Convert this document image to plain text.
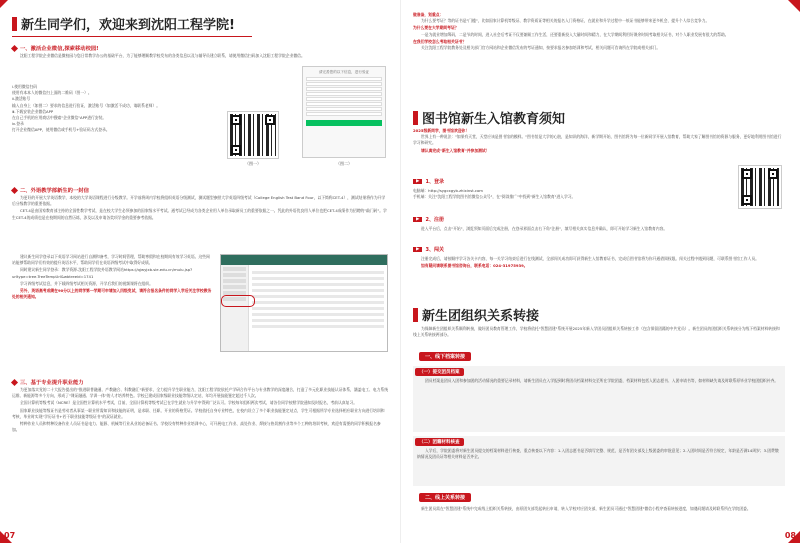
新生同学们，欢迎来到沈阳工程学院!
一、激活企业微信,探索移动校园!

沈阳工程学院企业微信是微校园与您日常教学办公的基础平台，为了能够理顺教学校发布的各类信息以及与辅导员建立联系，请使用微信扫码加入沈阳工程学院企业微信。

ⅰ.使用微信扫码
使用有本本人的微信扫上面的二维码（图一）。
ⅱ.激活账号
输入自身上（如图二）要求的信息进行验证，激活账号（如激活不成功，请联系老师）。
ⅲ.下载安装企业微信APP
在自己手机的应用商店中搜索"企业微信"APP进行安装。
ⅳ.登录
打开企业微信APP，使用微信或手机号+验证码方式登录。
（图一）
请完善您的以下信息，进行验证
（图二）
二、外语教学部新生的一封信

为更好的开展大学英语教学，本校的大学英语课程进行分级教学。开学前将周内学校将组织英语分级测试，测试题型参照大学英语四级考试（College English Test Band Four，以下简称CET-4），测试结果将作为开学后分级教学的重要依据。

CET-4是由国家教育部主持的全国性教学考试，是在校大学生必须参加的国家级水平考试。通考试已经成为各类企业用人单位录取新员工的重要依据之一。凭此的外语优良用人单位也把CET-4成绩作为招聘的"敲门砖"。学生CET-4的成绩也是在校期间的自然历练，涉及以及申请各奖项学金的重要参考依据。

建议新生同学登录以下英语学习网站进行自测和备考，学习时间管理，帮助寒假和在校期间有效学习英语。这些网站能够帮助同学们有效的提升英语水平，帮助同学们在英语四级考试中取得好成绩。

同时建议新生同学登录：教学资源-沈阳工程学院外语教学网站https://qjwyjxb.sie.edu.cn/mulu.jsp?urltype=tree.TreeTempUrl&wbtreeid=1741

学习四级考试信息，并下载四级考试相关资源，开学后我们的视频课将在组织。

另外，英语高考成绩在90分以上的同学第一学期可申请加入四级免试，请符合报名条件的同学入学后关注学校教务处的相关通知。

三、基于专业提升职业能力

为更加落实党的二十大报告提出的"推进职普融通、产教融合、科教融汇"新要求，全力提升学生职业能力，沈阳工程学院依托产学研合作平台与专业教学的深度融合，打造了多元化职业技能认证体系，涵盖电工、电力系统运维、新能源等多个方向，形成了"课证融通、学训一体"的人才培养特色。学校已建成国家级职业技能等级认定站，年均开展技能鉴定超过千人次。

全国计算机等级考试（NCRE）是全国性计算机水平考试，目前，全国计算机等级考试已在学生就业与升学中得到广泛认可。学校每年组织两次考试，请各位同学按照学院通知及时报名，考前认真复习。

国家职业技能等级证书是劳动者从事某一职业所需知识和技能的证明，是求职、任职、开业的资格凭证。学校依托自身专业特色，在校内设立了多个职业技能鉴定站点，学生可根据所学专业选择相应职业方向进行培训和考核，毕业时实现"学历证书+若干职业技能等级证书"的双证就业。

特种作业人员和特种设备作业人员证书是电力、能源、机械等行业从业的必备证书。学校设有特种作业培训中心，可开展电工作业、高处作业、焊接与热切割作业等多个工种的培训考核，欢迎有需要的同学积极报名参加。

07
做准备，划重点：

为什么要考证？等的证书是"门槛"，比如国家计算机等级证、教学资质证等相关的报名入门资格证，在就业和升学过程中一纸证书能够带来更多机会，提升个人综合竞争力。

为什么要在大学期间考证？

一是为就业增加筹码，二是节约时间，进入社会后考证不仅要兼顾工作生活，还要重新投入大量时间和精力，在大学期间利用好课余时间考取相关证书，对个人职业发展有很大的帮助。

在我们学校怎么考取相关证书？

关注沈阳工程学院教务处及相关部门官方网站和企业微信发布的考证通知，按要求报名参加培训和考试，相关问题可咨询所在学院或相关部门。

图书馆新生入馆教育须知
2025级新同学，图书馆欢迎你！

世界上有一种说法："如果有天堂，天堂应该是图书馆的模样。"图书馆是大学的心脏，是知识的海洋，新学期开始，图书馆将为每一位新同学开展入馆教育，帮助大家了解图书馆的资源与服务，更好地利用图书馆进行学习和研究。

请认真完成"新生入馆教育"并参加测试！

▶	1、登录
电脑端：http://sygcxgyb.zhixinst.com
手机端：关注"沈阳工程学院图书馆微信公众号"，在"阅读推广"中找到"新生入馆教育"进入学习。
▶	2、注册

进入平台后，点击"开始"，浏览须知页面后完成注册，在登录界面点击右下角"注册"，填写相关真实信息并确认，即可开始学习新生入馆教育内容。

▶	3、闯关

注册完成后，请按顺序学习各关卡内容，每一关学习结束后进行在线测试，全部闯关成功即可获得新生入馆教育证书，完成后图书馆将为你开通借阅权限。闯关过程中遇到问题，可联系图书馆工作人员。

如有疑问请联系图书馆咨询台，联系电话：024-31975939。

新生团组织关系转接

为保障新生团组织关系顺利转接，做好团员教育管理工作，学校将依托"智慧团建"系统开展2025年新入学团员团组织关系转接工作（包含保留团籍的中共党员）。新生团员的团组织关系转接分为线下档案材料转接和线上关系转接两部分。

一、线下档案转接
（一）提交团员档案

团员档案是团员入团和参加团的活动情况的重要记录材料，请新生团员在入学报到时将团员档案材料交至所在学院团委，档案材料包括入团志愿书、入团申请书等，如材料缺失请及时联系原毕业学校团组织补齐。

（二）团籍材料核查

入学后，学院团委将对新生团员提交的档案材料进行核查，重点核查以下内容：1.入团志愿书是否填写完整、规范，是否有团支部及上级团委的审批意见；2.入团时间是否符合规定，年龄是否满14周岁；3.团费缴纳情况及团员证等相关材料是否齐全。

二、线上关系转接

新生团员需在"智慧团建"系统中完成线上组织关系转接，由原团支部发起转出申请，转入学校对应团支部，新生团员可通过"智慧团建"微信小程序查看转接进度，如遇问题请及时联系所在学院团委。

08
